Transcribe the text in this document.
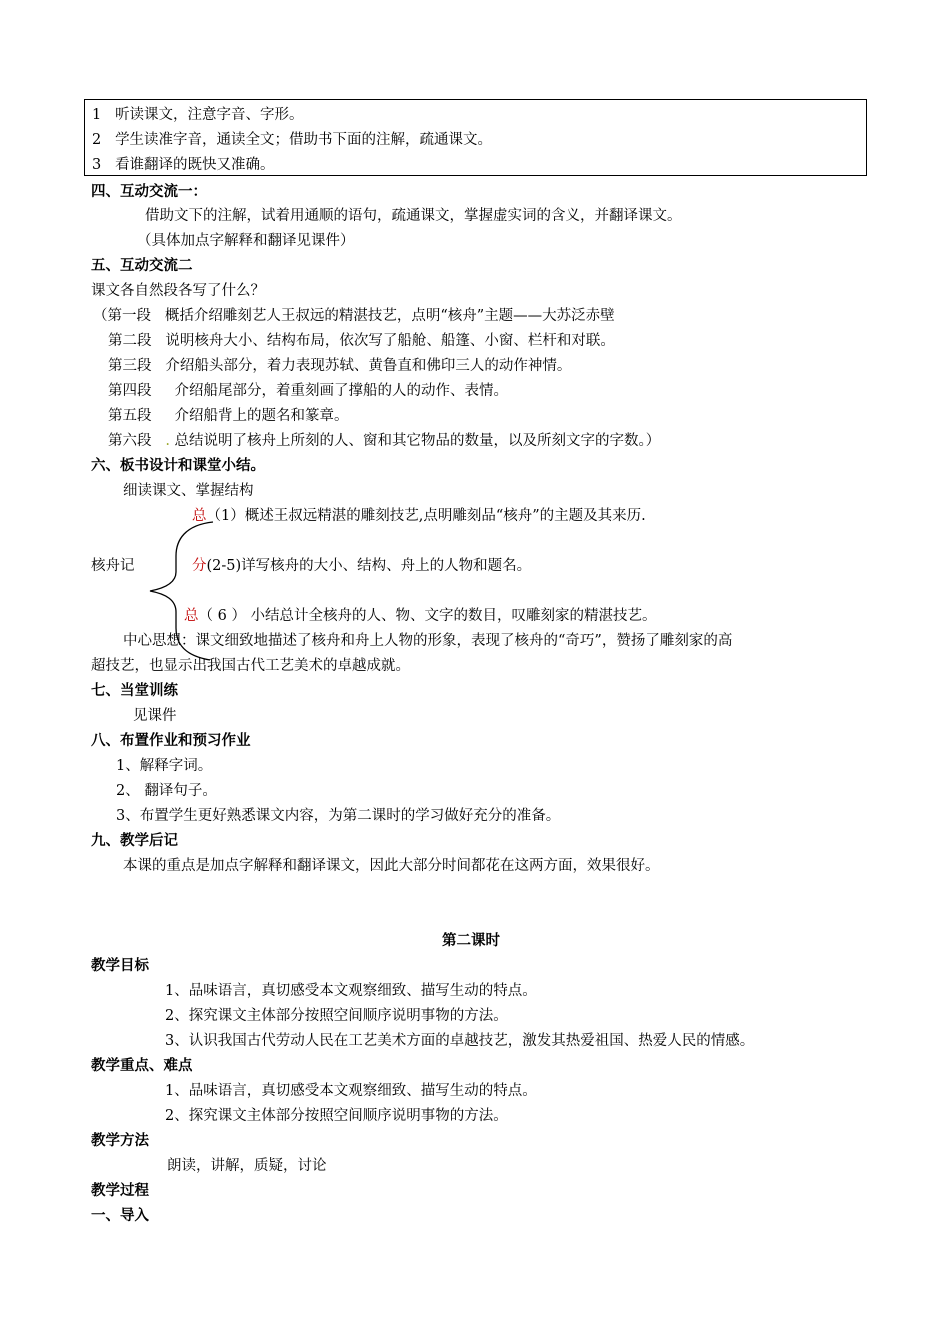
1 听读课文，注意字音、字形。
2 学生读准字音，通读全文；借助书下面的注解，疏通课文。
3 看谁翻译的既快又准确。
四、互动交流一：
借助文下的注解，试着用通顺的语句，疏通课文，掌握虚实词的含义，并翻译课文。
（具体加点字解释和翻译见课件）
五、互动交流二
课文各自然段各写了什么？
（第一段 概括介绍雕刻艺人王叔远的精湛技艺，点明“核舟”主题——大苏泛赤壁
第二段 说明核舟大小、结构布局，依次写了船舱、船篷、小窗、栏杆和对联。
第三段 介绍船头部分，着力表现苏轼、黄鲁直和佛印三人的动作神情。
第四段 介绍船尾部分，着重刻画了撑船的人的动作、表情。
第五段 介绍船背上的题名和篆章。
第六段 . 总结说明了核舟上所刻的人、窗和其它物品的数量，以及所刻文字的字数。）
六、板书设计和课堂小结。
细读课文、掌握结构
总（1）概述王叔远精湛的雕刻技艺,点明雕刻品“核舟”的主题及其来历.
核舟记	分(2-5)详写核舟的大小、结构、舟上的人物和题名。
总（ 6 ） 小结总计全核舟的人、物、文字的数目，叹雕刻家的精湛技艺。
中心思想：课文细致地描述了核舟和舟上人物的形象，表现了核舟的“奇巧”，赞扬了雕刻家的高
超技艺，也显示出我国古代工艺美术的卓越成就。
七、当堂训练
见课件
八、布置作业和预习作业
1、解释字词。
2、 翻译句子。
3、布置学生更好熟悉课文内容，为第二课时的学习做好充分的准备。
九、教学后记
本课的重点是加点字解释和翻译课文，因此大部分时间都花在这两方面，效果很好。
第二课时
教学目标
1、品味语言，真切感受本文观察细致、描写生动的特点。
2、探究课文主体部分按照空间顺序说明事物的方法。
3、认识我国古代劳动人民在工艺美术方面的卓越技艺，激发其热爱祖国、热爱人民的情感。
教学重点、难点
1、品味语言，真切感受本文观察细致、描写生动的特点。
2、探究课文主体部分按照空间顺序说明事物的方法。
教学方法
朗读，讲解，质疑，讨论
教学过程
一、导入
